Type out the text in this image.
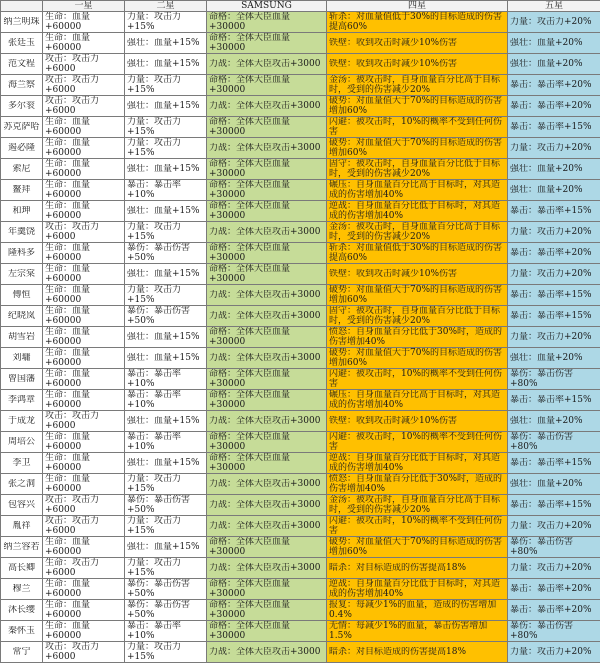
	一星	二星	SAMSUNG	四星	五星

纳兰明珠	生命：血量+60000	力量：攻击力+15%	命格：全体大臣血量+30000	斩杀：对血量值低于30%的目标造成的伤害提高60%	力量：攻击力+20%

张廷玉	生命：血量+60000	强壮：血量+15%	命格：全体大臣血量+30000	铁壁：收到攻击时减少10%伤害	强壮：血量+20%

范文程	攻击：攻击力+6000	强壮：血量+15%	力战：全体大臣攻击+3000	铁壁：收到攻击时减少10%伤害	强壮：血量+20%

海兰察	攻击：攻击力+6000	力量：攻击力+15%	命格：全体大臣血量+30000	金汤：被攻击时，自身血量百分比高于目标时，受到的伤害减少20%	暴击：暴击率+20%

多尔衮	攻击：攻击力+6000	强壮：血量+15%	力战：全体大臣攻击+3000	破势：对血量值大于70%的目标造成的伤害增加60%	暴击：暴击率+20%

苏克萨哈	生命：血量+60000	力量：攻击力+15%	命格：全体大臣血量+30000	闪避：被攻击时，10%的概率不受到任何伤害	暴击：暴击率+15%

遏必隆	生命：血量+60000	力量：攻击力+15%	力战：全体大臣攻击+3000	破势：对血量值大于70%的目标造成的伤害增加60%	力量：攻击力+20%

索尼	生命：血量+60000	强壮：血量+15%	命格：全体大臣血量+30000	固守：被攻击时，自身血量百分比低于目标时，受到的伤害减少20%	强壮：血量+20%

鳌拜	生命：血量+60000	暴击：暴击率+10%	命格：全体大臣血量+30000	碾压：自身血量百分比高于目标时，对其造成的伤害增加40%	强壮：血量+20%

和珅	生命：血量+60000	强壮：血量+15%	命格：全体大臣血量+30000	逆战：自身血量百分比低于目标时，对其造成的伤害增加40%	暴击：暴击率+15%

年羹饶	攻击：攻击力+6000	力量：攻击力+15%	力战：全体大臣攻击+3000	金汤：被攻击时，自身血量百分比高于目标时，受到的伤害减少20%	力量：攻击力+20%

隆科多	生命：血量+60000	暴伤：暴击伤害+50%	命格：全体大臣血量+30000	斩杀：对血量值低于30%的目标造成的伤害提高60%	暴击：暴击率+20%

左宗棠	生命：血量+60000	强壮：血量+15%	命格：全体大臣血量+30000	铁壁：收到攻击时减少10%伤害	力量：攻击力+20%

傅恒	生命：血量+60000	力量：攻击力+15%	力战：全体大臣攻击+3000	破势：对血量值大于70%的目标造成的伤害增加60%	暴击：暴击率+15%

纪晓岚	生命：血量+60000	暴伤：暴击伤害+50%	力战：全体大臣攻击+3000	固守：被攻击时，自身血量百分比低于目标时，受到的伤害减少20%	暴击：暴击率+15%

胡雪岩	生命：血量+60000	强壮：血量+15%	命格：全体大臣血量+30000	愤怒：自身血量百分比低于30%时，造成的伤害增加40%	力量：攻击力+20%

刘墉	生命：血量+60000	强壮：血量+15%	力战：全体大臣攻击+3000	破势：对血量值大于70%的目标造成的伤害增加60%	强壮：血量+20%

曾国藩	生命：血量+60000	暴击：暴击率+10%	命格：全体大臣血量+30000	闪避：被攻击时，10%的概率不受到任何伤害	暴伤：暴击伤害+80%

李鸿章	生命：血量+60000	暴击：暴击率+10%	命格：全体大臣血量+30000	碾压：自身血量百分比高于目标时，对其造成的伤害增加40%	暴击：暴击率+15%

于成龙	攻击：攻击力+6000	强壮：血量+15%	力战：全体大臣攻击+3000	铁壁：收到攻击时减少10%伤害	强壮：血量+20%

周培公	生命：血量+60000	暴击：暴击率+10%	命格：全体大臣血量+30000	闪避：被攻击时，10%的概率不受到任何伤害	暴伤：暴击伤害+80%

李卫	生命：血量+60000	强壮：血量+15%	命格：全体大臣血量+30000	逆战：自身血量百分比低于目标时，对其造成的伤害增加40%	暴击：暴击率+15%

张之洞	生命：血量+60000	力量：攻击力+15%	力战：全体大臣攻击+3000	愤怒：自身血量百分比低于30%时，造成的伤害增加40%	强壮：血量+20%

包容兴	攻击：攻击力+6000	暴伤：暴击伤害+50%	力战：全体大臣攻击+3000	金汤：被攻击时，自身血量百分比高于目标时，受到的伤害减少20%	暴击：暴击率+15%

胤祥	攻击：攻击力+6000	力量：攻击力+15%	力战：全体大臣攻击+3000	闪避：被攻击时，10%的概率不受到任何伤害	力量：攻击力+20%

纳兰容若	生命：血量+60000	强壮：血量+15%	命格：全体大臣血量+30000	破势：对血量值大于70%的目标造成的伤害增加60%	暴伤：暴击伤害+80%

高长卿	生命：攻击力+6000	力量：攻击力+15%	力战：全体大臣攻击+3000	暗杀：对目标造成的伤害提高18%	力量：攻击力+20%

穆兰	生命：血量+60000	暴伤：暴击伤害+50%	命格：全体大臣血量+30000	逆战：自身血量百分比低于目标时，对其造成的伤害增加40%	暴击：暴击率+20%

沐长缨	生命：血量+60000	暴伤：暴击伤害+50%	命格：全体大臣血量+30000	报复：每减少1%的血量，造成的伤害增加0.4%	暴击：暴击率+20%

秦怀玉	生命：血量+60000	暴击：暴击率+10%	命格：全体大臣血量+30000	无情：每减少1%的血量，暴击伤害增加1.5%	暴伤：暴击伤害+80%

常宁	攻击：攻击力+6000	力量：攻击力+15%	力战：全体大臣攻击+3000	暗杀：对目标造成的伤害提高18%	力量：攻击力+20%
